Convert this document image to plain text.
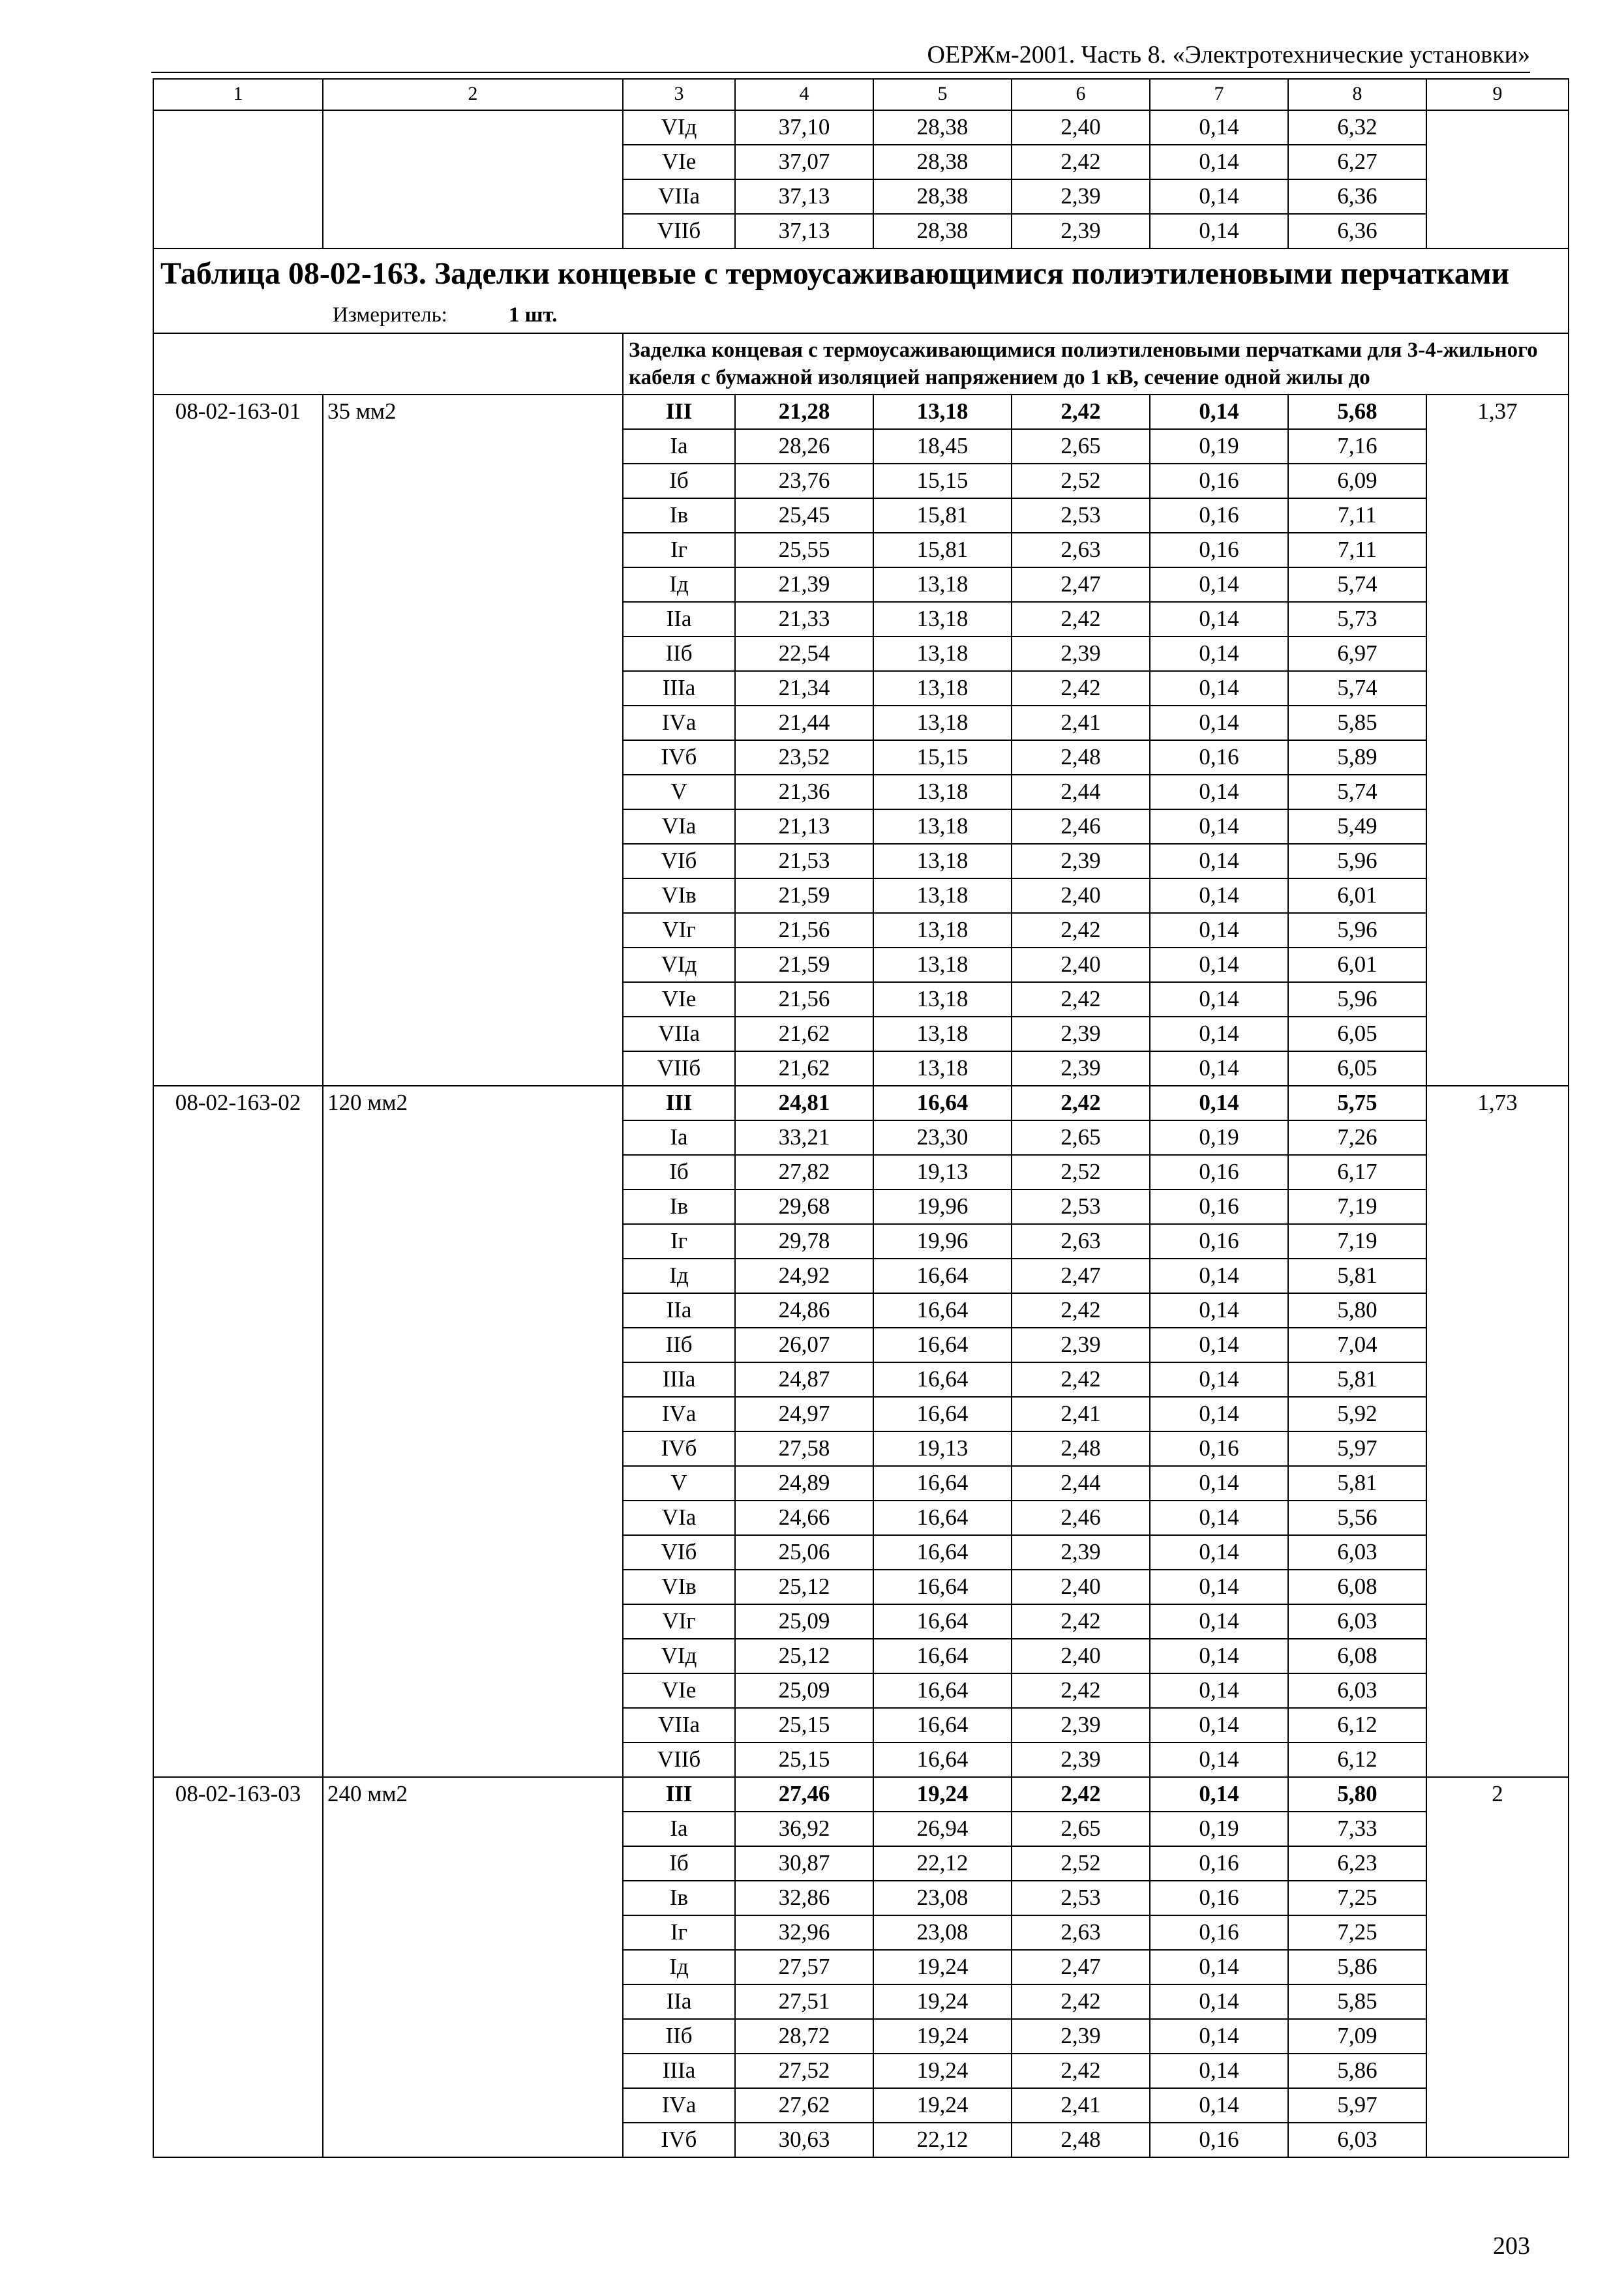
ОЕРЖм-2001. Часть 8. «Электротехнические установки»
1	2	3	4	5	6	7	8	9
		VIд	37,10	28,38	2,40	0,14	6,32	
		VIe	37,07	28,38	2,42	0,14	6,27	
		VIIа	37,13	28,38	2,39	0,14	6,36	
		VIIб	37,13	28,38	2,39	0,14	6,36	

Таблица 08-02-163. Заделки концевые с термоусаживающимися полиэтиленовыми перчатками
Измеритель: 1 шт.								

		Заделка концевая с термоусаживающимися полиэтиленовыми перчатками для 3-4-жильного кабеля с бумажной изоляцией напряжением до 1 кВ, сечение одной жилы до						
08-02-163-01	35 мм2	III	21,28	13,18	2,42	0,14	5,68	1,37
		Iа	28,26	18,45	2,65	0,19	7,16	
		Iб	23,76	15,15	2,52	0,16	6,09	
		Iв	25,45	15,81	2,53	0,16	7,11	
		Iг	25,55	15,81	2,63	0,16	7,11	
		Iд	21,39	13,18	2,47	0,14	5,74	
		IIа	21,33	13,18	2,42	0,14	5,73	
		IIб	22,54	13,18	2,39	0,14	6,97	
		IIIа	21,34	13,18	2,42	0,14	5,74	
		IVа	21,44	13,18	2,41	0,14	5,85	
		IVб	23,52	15,15	2,48	0,16	5,89	
		V	21,36	13,18	2,44	0,14	5,74	
		VIа	21,13	13,18	2,46	0,14	5,49	
		VIб	21,53	13,18	2,39	0,14	5,96	
		VIв	21,59	13,18	2,40	0,14	6,01	
		VIг	21,56	13,18	2,42	0,14	5,96	
		VIд	21,59	13,18	2,40	0,14	6,01	
		VIe	21,56	13,18	2,42	0,14	5,96	
		VIIа	21,62	13,18	2,39	0,14	6,05	
		VIIб	21,62	13,18	2,39	0,14	6,05	
08-02-163-02	120 мм2	III	24,81	16,64	2,42	0,14	5,75	1,73
		Iа	33,21	23,30	2,65	0,19	7,26	
		Iб	27,82	19,13	2,52	0,16	6,17	
		Iв	29,68	19,96	2,53	0,16	7,19	
		Iг	29,78	19,96	2,63	0,16	7,19	
		Iд	24,92	16,64	2,47	0,14	5,81	
		IIа	24,86	16,64	2,42	0,14	5,80	
		IIб	26,07	16,64	2,39	0,14	7,04	
		IIIа	24,87	16,64	2,42	0,14	5,81	
		IVа	24,97	16,64	2,41	0,14	5,92	
		IVб	27,58	19,13	2,48	0,16	5,97	
		V	24,89	16,64	2,44	0,14	5,81	
		VIа	24,66	16,64	2,46	0,14	5,56	
		VIб	25,06	16,64	2,39	0,14	6,03	
		VIв	25,12	16,64	2,40	0,14	6,08	
		VIг	25,09	16,64	2,42	0,14	6,03	
		VIд	25,12	16,64	2,40	0,14	6,08	
		VIe	25,09	16,64	2,42	0,14	6,03	
		VIIа	25,15	16,64	2,39	0,14	6,12	
		VIIб	25,15	16,64	2,39	0,14	6,12	
08-02-163-03	240 мм2	III	27,46	19,24	2,42	0,14	5,80	2
		Iа	36,92	26,94	2,65	0,19	7,33	
		Iб	30,87	22,12	2,52	0,16	6,23	
		Iв	32,86	23,08	2,53	0,16	7,25	
		Iг	32,96	23,08	2,63	0,16	7,25	
		Iд	27,57	19,24	2,47	0,14	5,86	
		IIа	27,51	19,24	2,42	0,14	5,85	
		IIб	28,72	19,24	2,39	0,14	7,09	
		IIIа	27,52	19,24	2,42	0,14	5,86	
		IVа	27,62	19,24	2,41	0,14	5,97	
		IVб	30,63	22,12	2,48	0,16	6,03	
203
